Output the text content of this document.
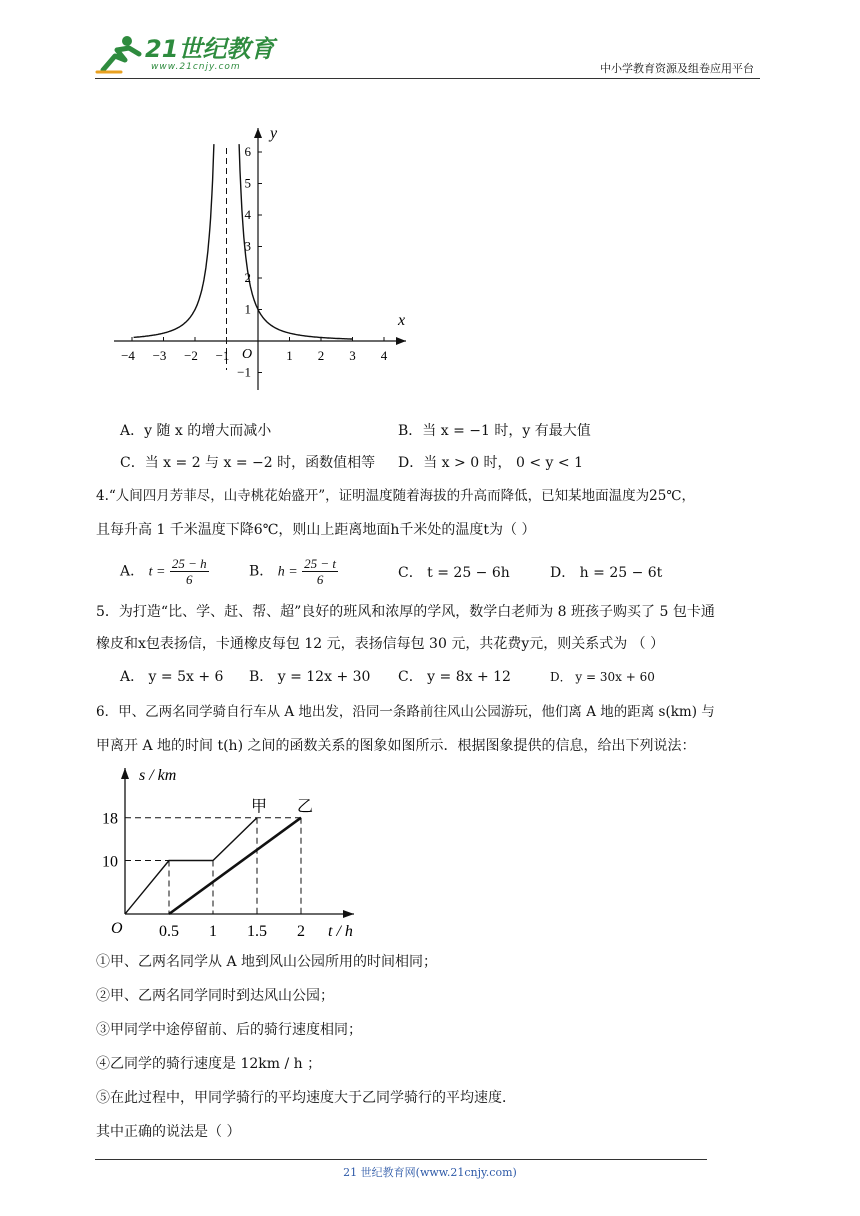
21世纪教育
www.21cnjy.com	中小学教育资源及组卷应用平台
−4 −3 −2 −1	1 2 3 4
6
5
4
3
2
1
−1
O
x
y
A．y 随 x 的增大而减小	B．当 x = −1 时，y 有最大值
C．当 x = 2 与 x = −2 时，函数值相等 D．当 x > 0 时， 0 < y < 1
4.“人间四月芳菲尽，山寺桃花始盛开”，证明温度随着海拔的升高而降低，已知某地面温度为25℃，
且每升高 1 千米温度下降6℃，则山上距离地面h千米处的温度t为（ ）
A． $t = \frac{25 - h}{6}$	B． $h = \frac{25 - t}{6}$	C． t = 25 − 6h	D． h = 25 − 6t
5．为打造“比、学、赶、帮、超”良好的班风和浓厚的学风，数学白老师为 8 班孩子购买了 5 包卡通
橡皮和x包表扬信，卡通橡皮每包 12 元，表扬信每包 30 元，共花费y元，则关系式为 （ ）
A． y = 5x + 6 B． y = 12x + 30 C． y = 8x + 12	D． y = 30x + 60
6．甲、乙两名同学骑自行车从 A 地出发，沿同一条路前往风山公园游玩，他们离 A 地的距离 s(km) 与
甲离开 A 地的时间 t(h) 之间的函数关系的图象如图所示．根据图象提供的信息，给出下列说法：
0.5 1 1.5 2
18
10
O
s / km
t / h
甲 乙
①甲、乙两名同学从 A 地到风山公园所用的时间相同；
②甲、乙两名同学同时到达风山公园；
③甲同学中途停留前、后的骑行速度相同；
④乙同学的骑行速度是 12km / h ；
⑤在此过程中，甲同学骑行的平均速度大于乙同学骑行的平均速度．
其中正确的说法是（ ）
21 世纪教育网(www.21cnjy.com)
